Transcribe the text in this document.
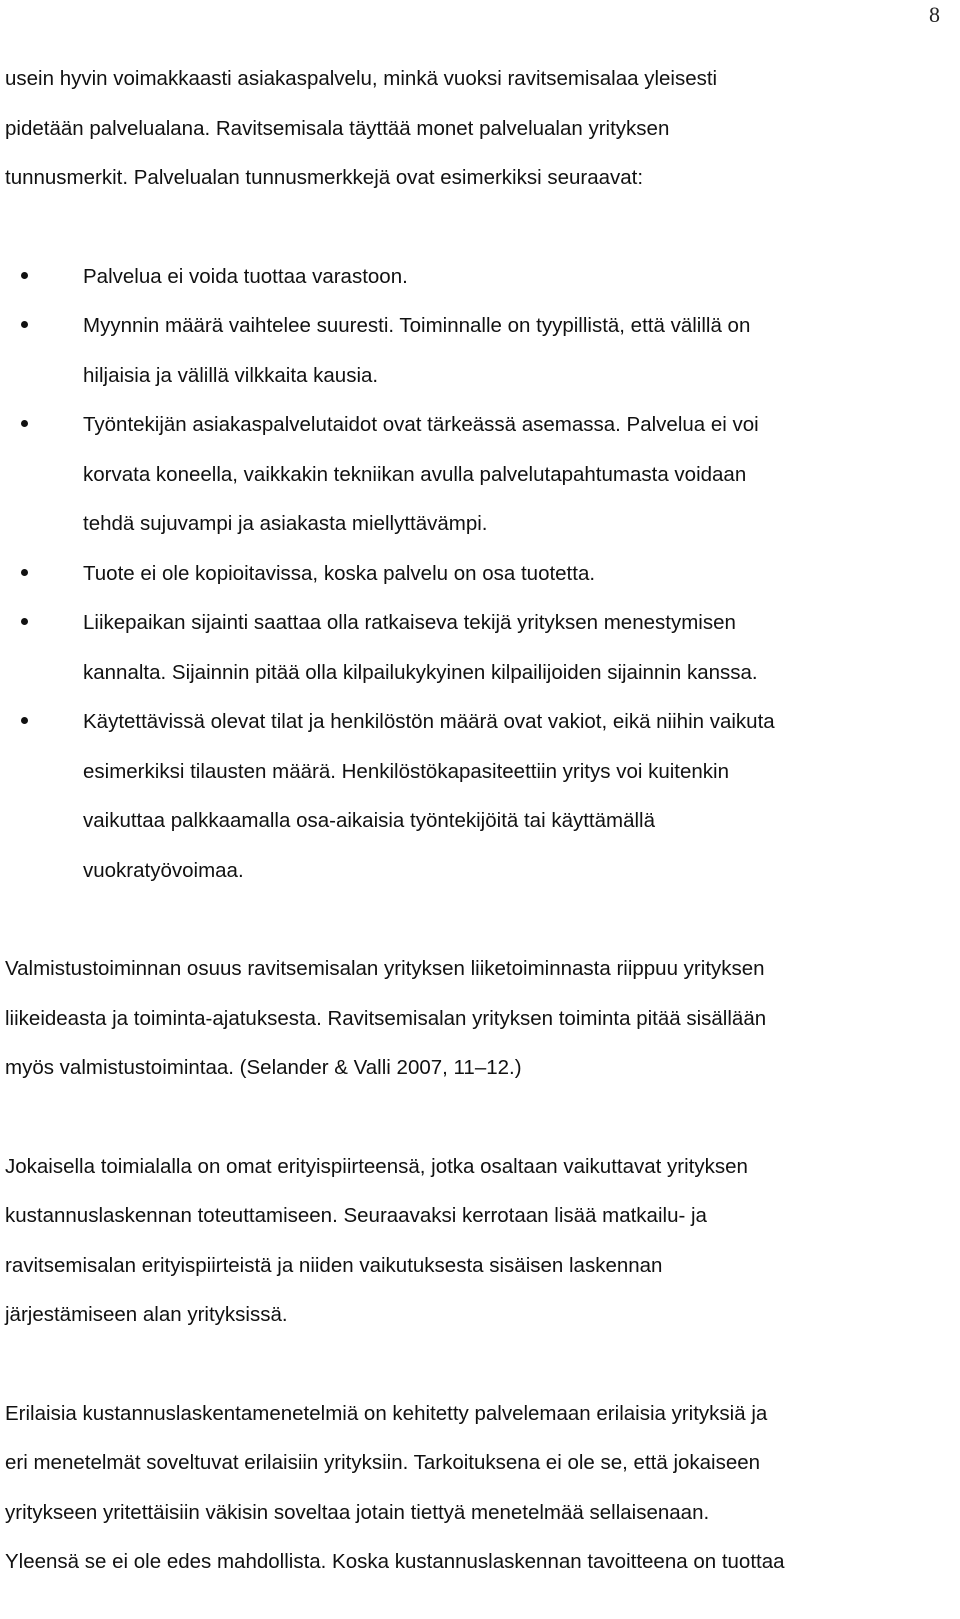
8
usein hyvin voimakkaasti asiakaspalvelu, minkä vuoksi ravitsemisalaa yleisesti
pidetään palvelualana. Ravitsemisala täyttää monet palvelualan yrityksen
tunnusmerkit. Palvelualan tunnusmerkkejä ovat esimerkiksi seuraavat:
Palvelua ei voida tuottaa varastoon.
Myynnin määrä vaihtelee suuresti. Toiminnalle on tyypillistä, että välillä on
hiljaisia ja välillä vilkkaita kausia.
Työntekijän asiakaspalvelutaidot ovat tärkeässä asemassa. Palvelua ei voi
korvata koneella, vaikkakin tekniikan avulla palvelutapahtumasta voidaan
tehdä sujuvampi ja asiakasta miellyttävämpi.
Tuote ei ole kopioitavissa, koska palvelu on osa tuotetta.
Liikepaikan sijainti saattaa olla ratkaiseva tekijä yrityksen menestymisen
kannalta. Sijainnin pitää olla kilpailukykyinen kilpailijoiden sijainnin kanssa.
Käytettävissä olevat tilat ja henkilöstön määrä ovat vakiot, eikä niihin vaikuta
esimerkiksi tilausten määrä. Henkilöstökapasiteettiin yritys voi kuitenkin
vaikuttaa palkkaamalla osa-aikaisia työntekijöitä tai käyttämällä
vuokratyövoimaa.
Valmistustoiminnan osuus ravitsemisalan yrityksen liiketoiminnasta riippuu yrityksen
liikeideasta ja toiminta-ajatuksesta. Ravitsemisalan yrityksen toiminta pitää sisällään
myös valmistustoimintaa. (Selander & Valli 2007, 11–12.)
Jokaisella toimialalla on omat erityispiirteensä, jotka osaltaan vaikuttavat yrityksen
kustannuslaskennan toteuttamiseen. Seuraavaksi kerrotaan lisää matkailu- ja
ravitsemisalan erityispiirteistä ja niiden vaikutuksesta sisäisen laskennan
järjestämiseen alan yrityksissä.
Erilaisia kustannuslaskentamenetelmiä on kehitetty palvelemaan erilaisia yrityksiä ja
eri menetelmät soveltuvat erilaisiin yrityksiin. Tarkoituksena ei ole se, että jokaiseen
yritykseen yritettäisiin väkisin soveltaa jotain tiettyä menetelmää sellaisenaan.
Yleensä se ei ole edes mahdollista. Koska kustannuslaskennan tavoitteena on tuottaa
